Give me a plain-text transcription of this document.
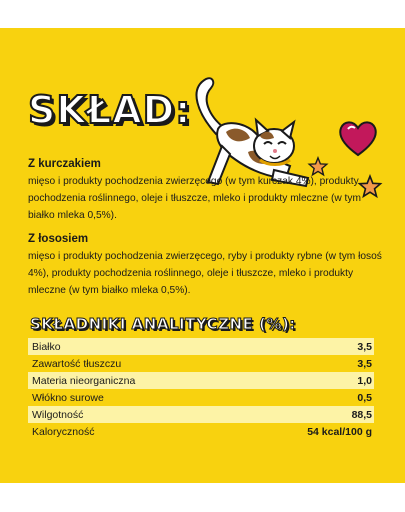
SKŁAD:
Z kurczakiem
mięso i produkty pochodzenia zwierzęcego (w tym kurczak 4%), produkty pochodzenia roślinnego, oleje i tłuszcze, mleko i produkty mleczne (w tym białko mleka 0,5%).
Z łososiem
mięso i produkty pochodzenia zwierzęcego, ryby i produkty rybne (w tym łosoś 4%), produkty pochodzenia roślinnego, oleje i tłuszcze, mleko i produkty mleczne (w tym białko mleka 0,5%).
SKŁADNIKI ANALITYCZNE (%):
Białko	3,5
Zawartość tłuszczu	3,5
Materia nieorganiczna	1,0
Włókno surowe	0,5
Wilgotność	88,5
Kaloryczność	54 kcal/100 g
